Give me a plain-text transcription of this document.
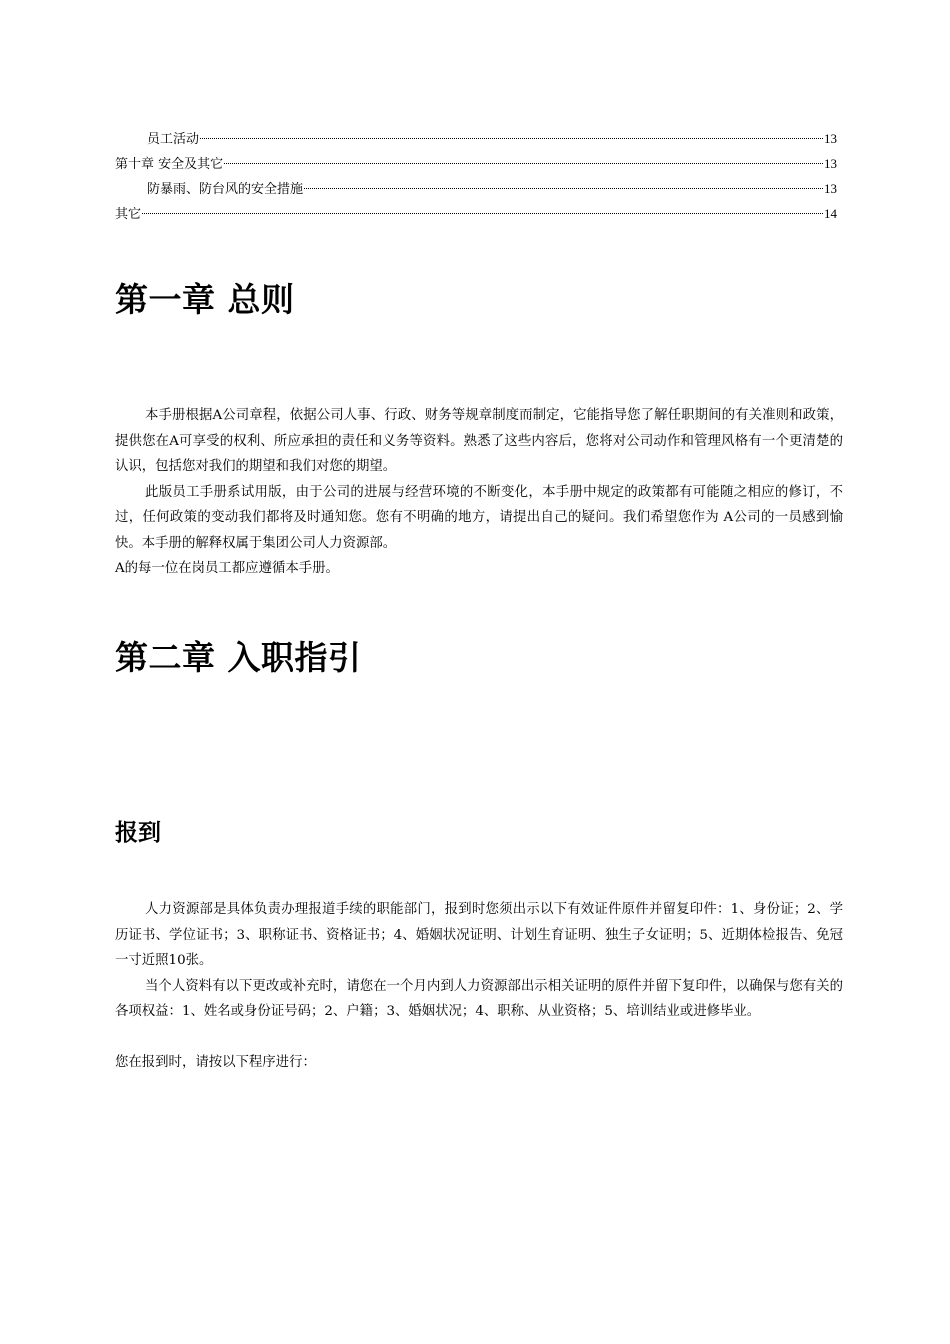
员工活动	13
第十章 安全及其它	13
防暴雨、防台风的安全措施	13
其它	14
第一章 总则

本手册根据A公司章程，依据公司人事、行政、财务等规章制度而制定，它能指导您了解任职期间的有关准则和政策，提供您在A可享受的权利、所应承担的责任和义务等资料。熟悉了这些内容后，您将对公司动作和管理风格有一个更清楚的认识，包括您对我们的期望和我们对您的期望。

此版员工手册系试用版，由于公司的进展与经营环境的不断变化，本手册中规定的政策都有可能随之相应的修订，不过，任何政策的变动我们都将及时通知您。您有不明确的地方，请提出自己的疑问。我们希望您作为 A公司的一员感到愉快。本手册的解释权属于集团公司人力资源部。

A的每一位在岗员工都应遵循本手册。

第二章 入职指引
报到

人力资源部是具体负责办理报道手续的职能部门，报到时您须出示以下有效证件原件并留复印件：1、身份证；2、学历证书、学位证书；3、职称证书、资格证书；4、婚姻状况证明、计划生育证明、独生子女证明；5、近期体检报告、免冠一寸近照10张。

当个人资料有以下更改或补充时，请您在一个月内到人力资源部出示相关证明的原件并留下复印件，以确保与您有关的各项权益：1、姓名或身份证号码；2、户籍；3、婚姻状况；4、职称、从业资格；5、培训结业或进修毕业。

您在报到时，请按以下程序进行：
